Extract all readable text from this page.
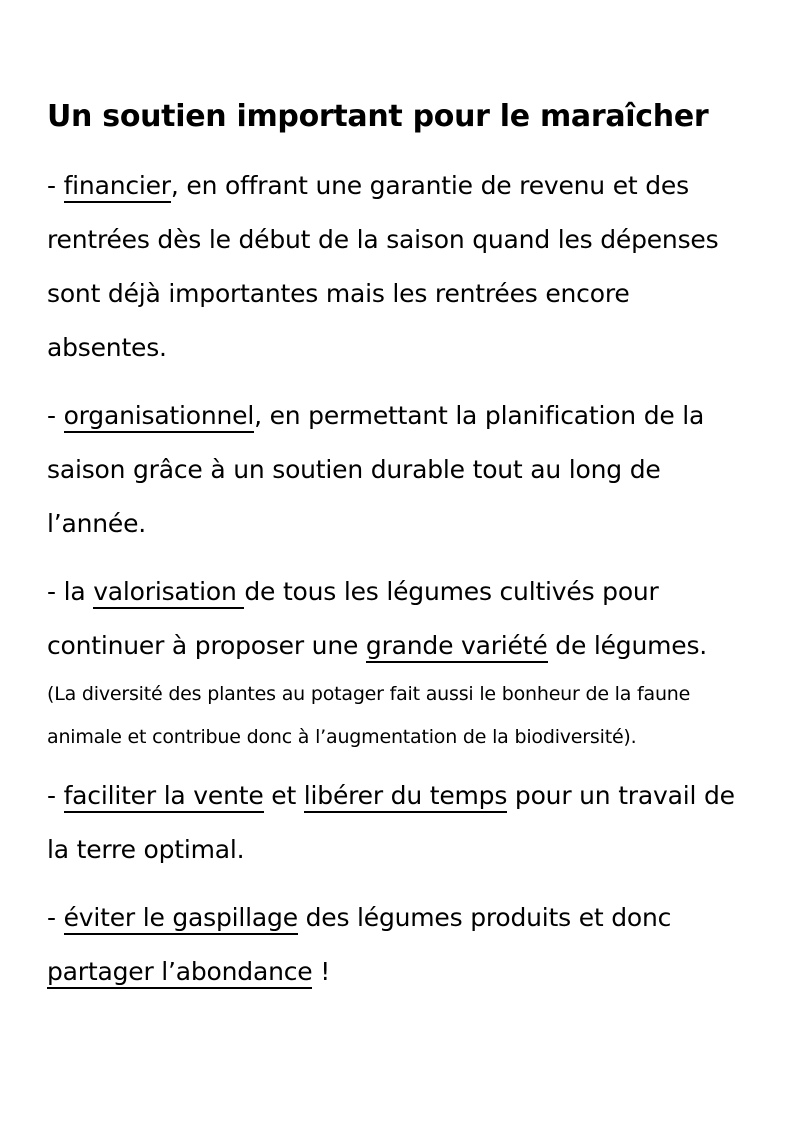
Un soutien important pour le maraîcher

- financier, en offrant une garantie de revenu et des rentrées dès le début de la saison quand les dépenses sont déjà importantes mais les rentrées encore absentes.

- organisationnel, en permettant la planification de la saison grâce à un soutien durable tout au long de l’année.

- la valorisation de tous les légumes cultivés pour continuer à proposer une grande variété de légumes.

(La diversité des plantes au potager fait aussi le bonheur de la faune animale et contribue donc à l’augmentation de la biodiversité).

- faciliter la vente et libérer du temps pour un travail de la terre optimal.

- éviter le gaspillage des légumes produits et donc partager l’abondance !
